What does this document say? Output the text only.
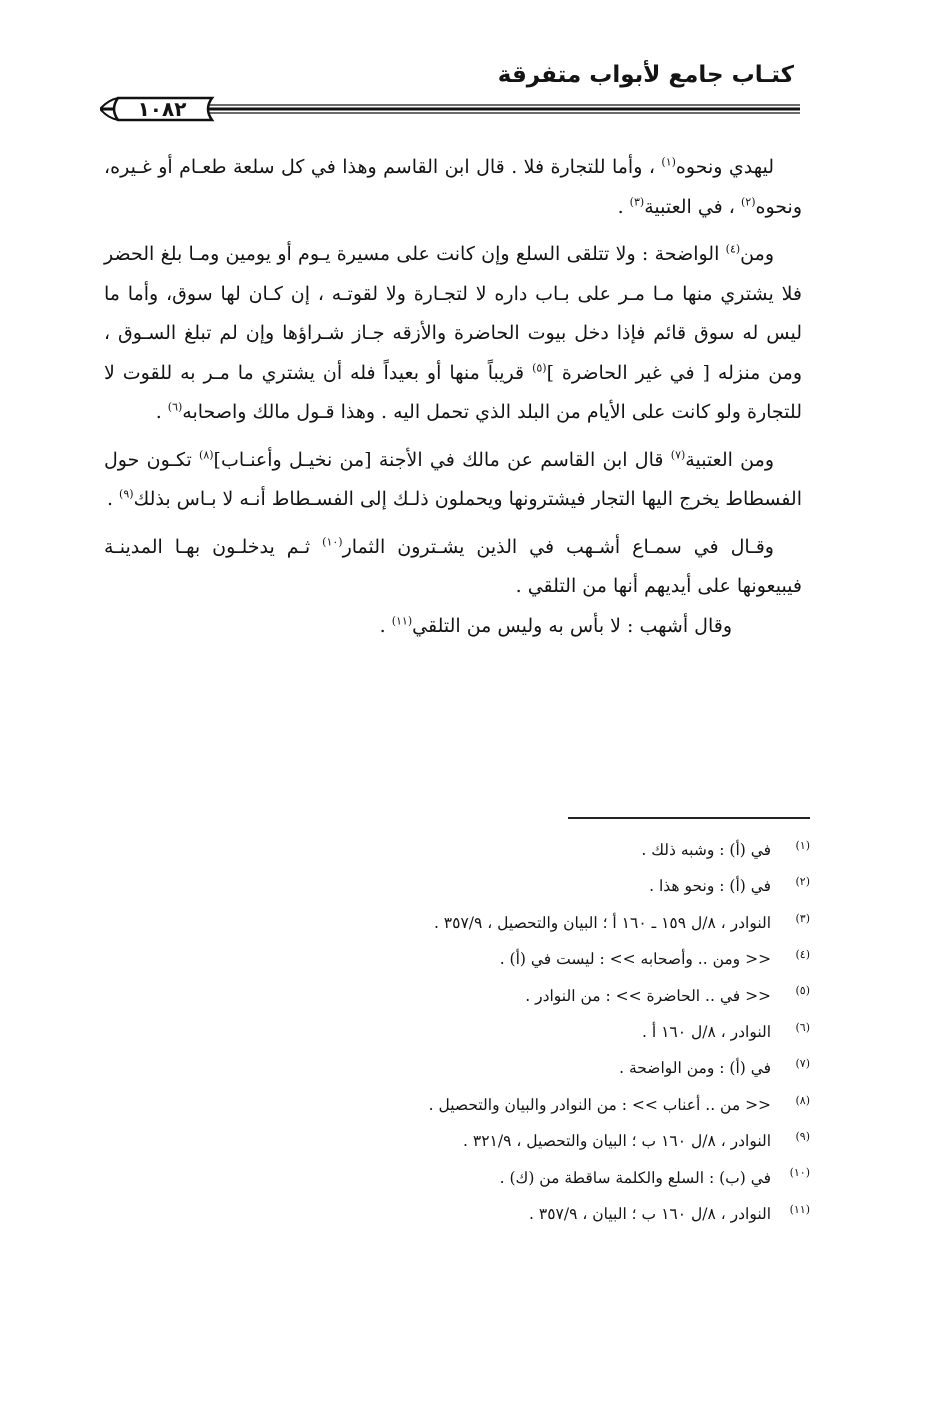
كتـاب جامع لأبواب متفرقة
١٠٨٢

ليهدي ونحوه$^{(١)}$ ، وأما للتجارة فلا . قال ابن القاسم وهذا في كل سلعة طعـام أو غـيره، ونحوه$^{(٢)}$ ، في العتبية$^{(٣)}$ .

ومن$^{(٤)}$ الواضحة : ولا تتلقى السلع وإن كانت على مسيرة يـوم أو يومين ومـا بلغ الحضر فلا يشتري منها مـا مـر على بـاب داره لا لتجـارة ولا لقوتـه ، إن كـان لها سوق، وأما ما ليس له سوق قائم فإذا دخل بيوت الحاضرة والأزقه جـاز شـراؤها وإن لم تبلغ السـوق ، ومن منزله [ في غير الحاضرة ]$^{(٥)}$ قريباً منها أو بعيداً فله أن يشتري ما مـر به للقوت لا للتجارة ولو كانت على الأيام من البلد الذي تحمل اليه . وهذا قـول مالك واصحابه$^{(٦)}$ .

ومن العتبية$^{(٧)}$ قال ابن القاسم عن مالك في الأجنة [من نخيـل وأعنـاب]$^{(٨)}$ تكـون حول الفسطاط يخرج اليها التجار فيشترونها ويحملون ذلـك إلى الفسـطاط أنـه لا بـاس بذلك$^{(٩)}$ .

وقـال في سمـاع أشـهب في الذين يشـترون الثمار$^{(١٠)}$ ثـم يدخلـون بهـا المدينـة فيبيعونها على أيديهم أنها من التلقي .

وقال أشهب : لا بأس به وليس من التلقي$^{(١١)}$ .

(١) في (أ) : وشبه ذلك .
(٢) في (أ) : ونحو هذا .
(٣) النوادر ، ٨/ل ١٥٩ ـ ١٦٠ أ ؛ البيان والتحصيل ، ٣٥٧/٩ .
(٤) << ومن .. وأصحابه >> : ليست في (أ) .
(٥) << في .. الحاضرة >> : من النوادر .
(٦) النوادر ، ٨/ل ١٦٠ أ .
(٧) في (أ) : ومن الواضحة .
(٨) << من .. أعناب >> : من النوادر والبيان والتحصيل .
(٩) النوادر ، ٨/ل ١٦٠ ب ؛ البيان والتحصيل ، ٣٢١/٩ .
(١٠) في (ب) : السلع والكلمة ساقطة من (ك) .
(١١) النوادر ، ٨/ل ١٦٠ ب ؛ البيان ، ٣٥٧/٩ .
